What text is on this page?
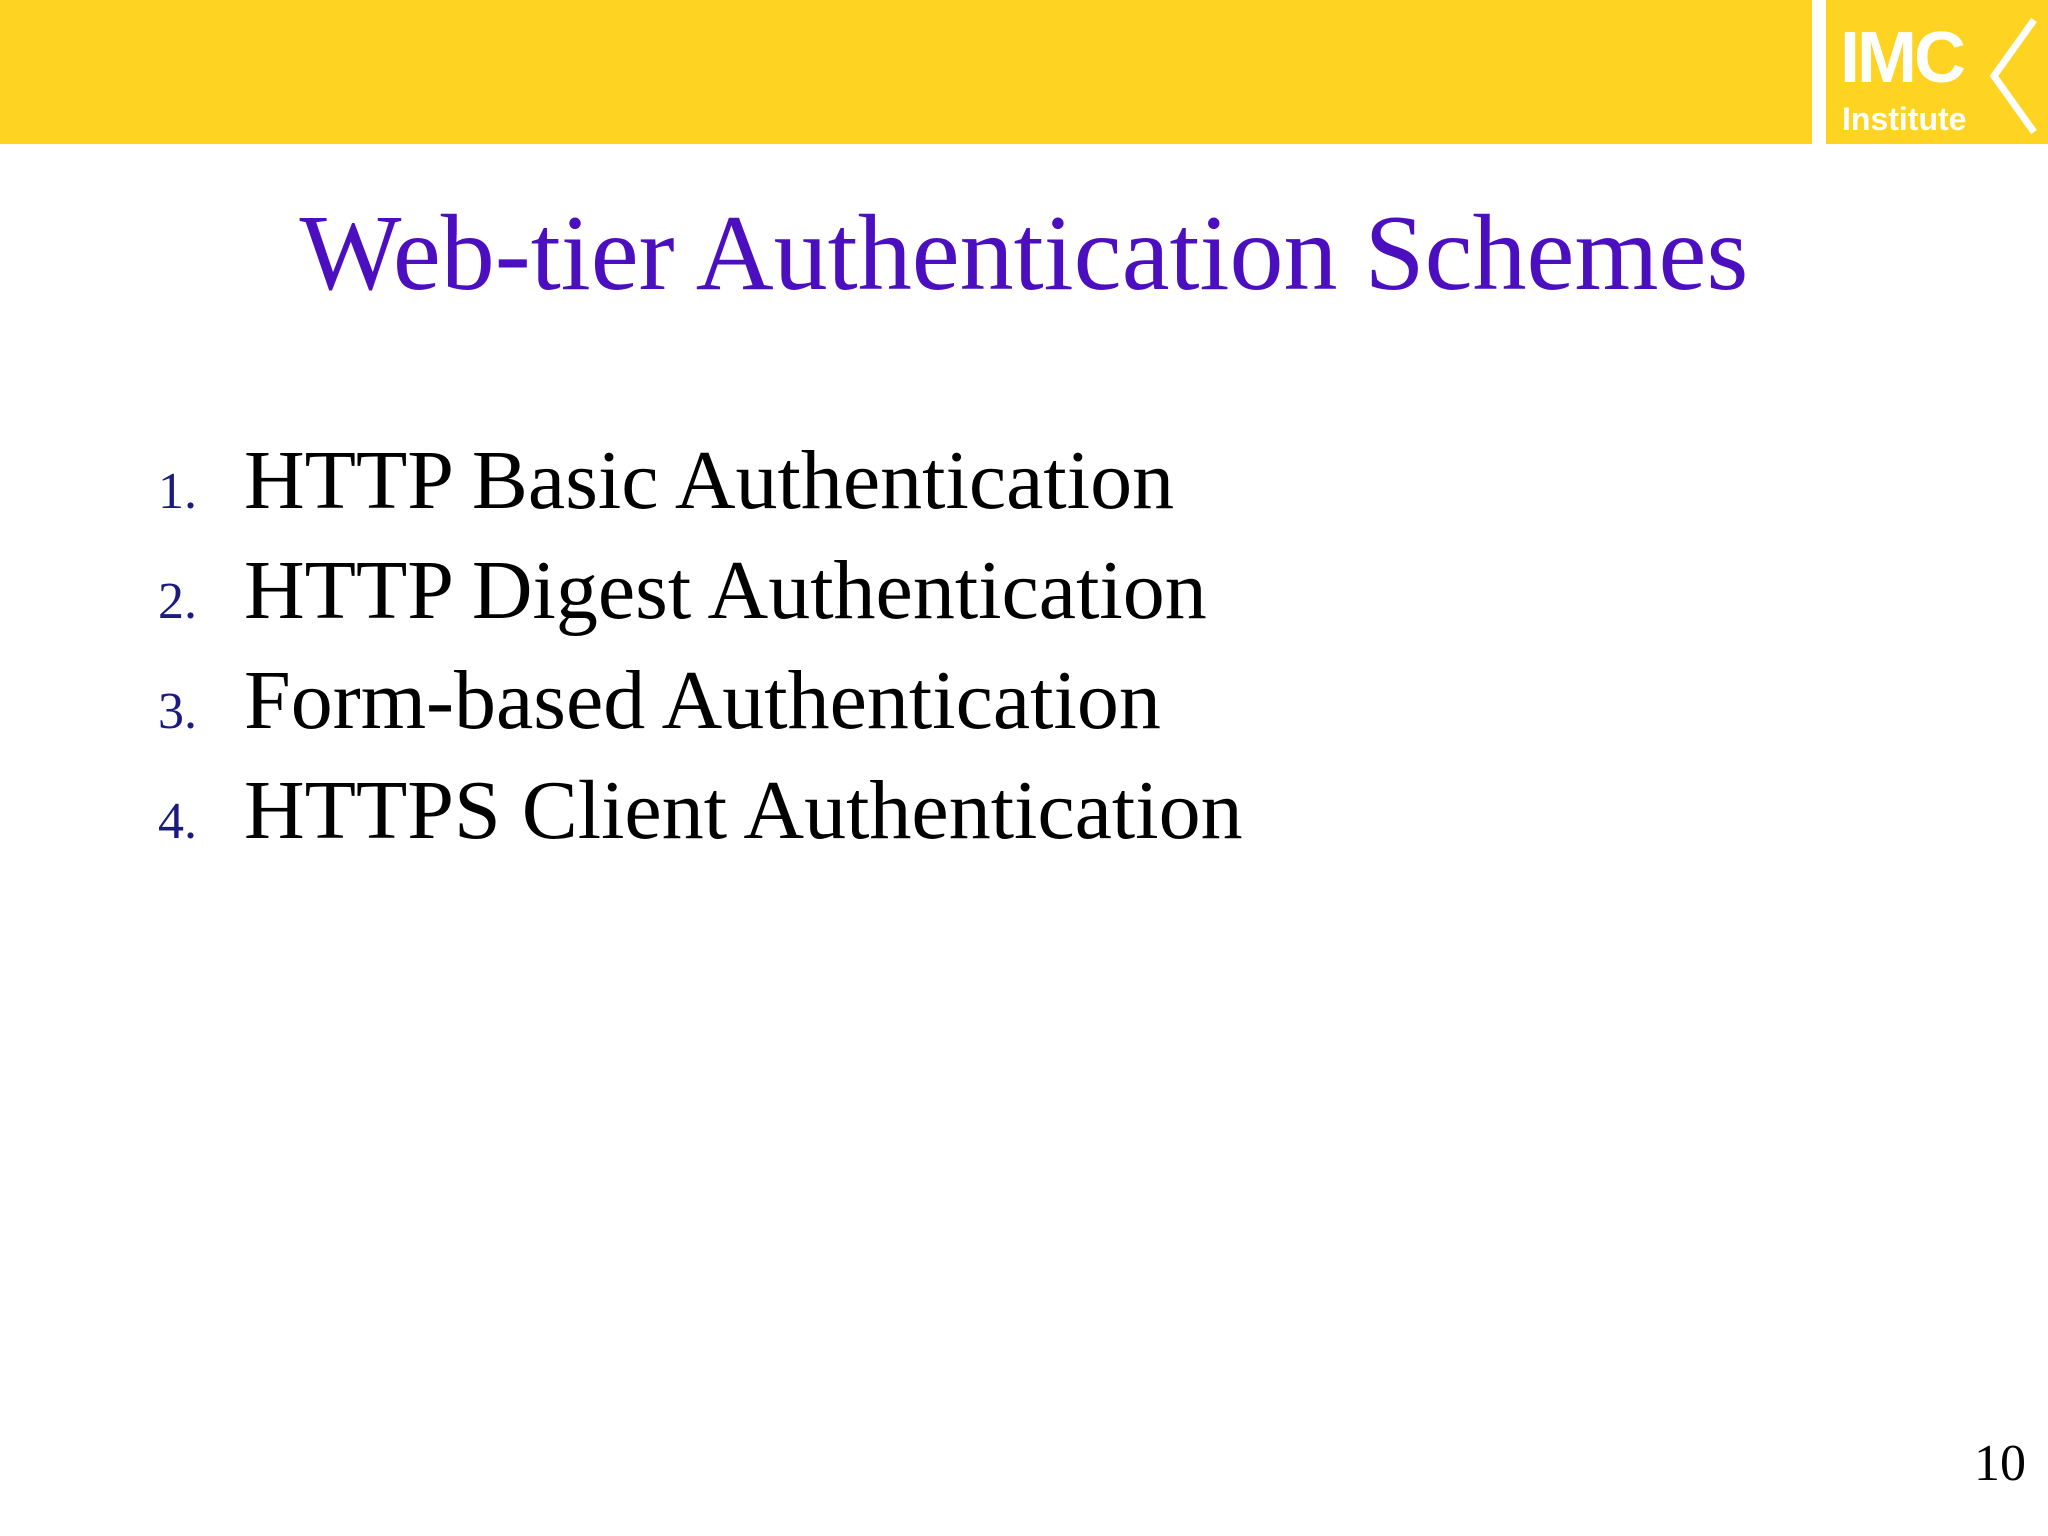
IMC
Institute
Web-tier Authentication Schemes
1. HTTP Basic Authentication
2. HTTP Digest Authentication
3. Form-based Authentication
4. HTTPS Client Authentication
10
